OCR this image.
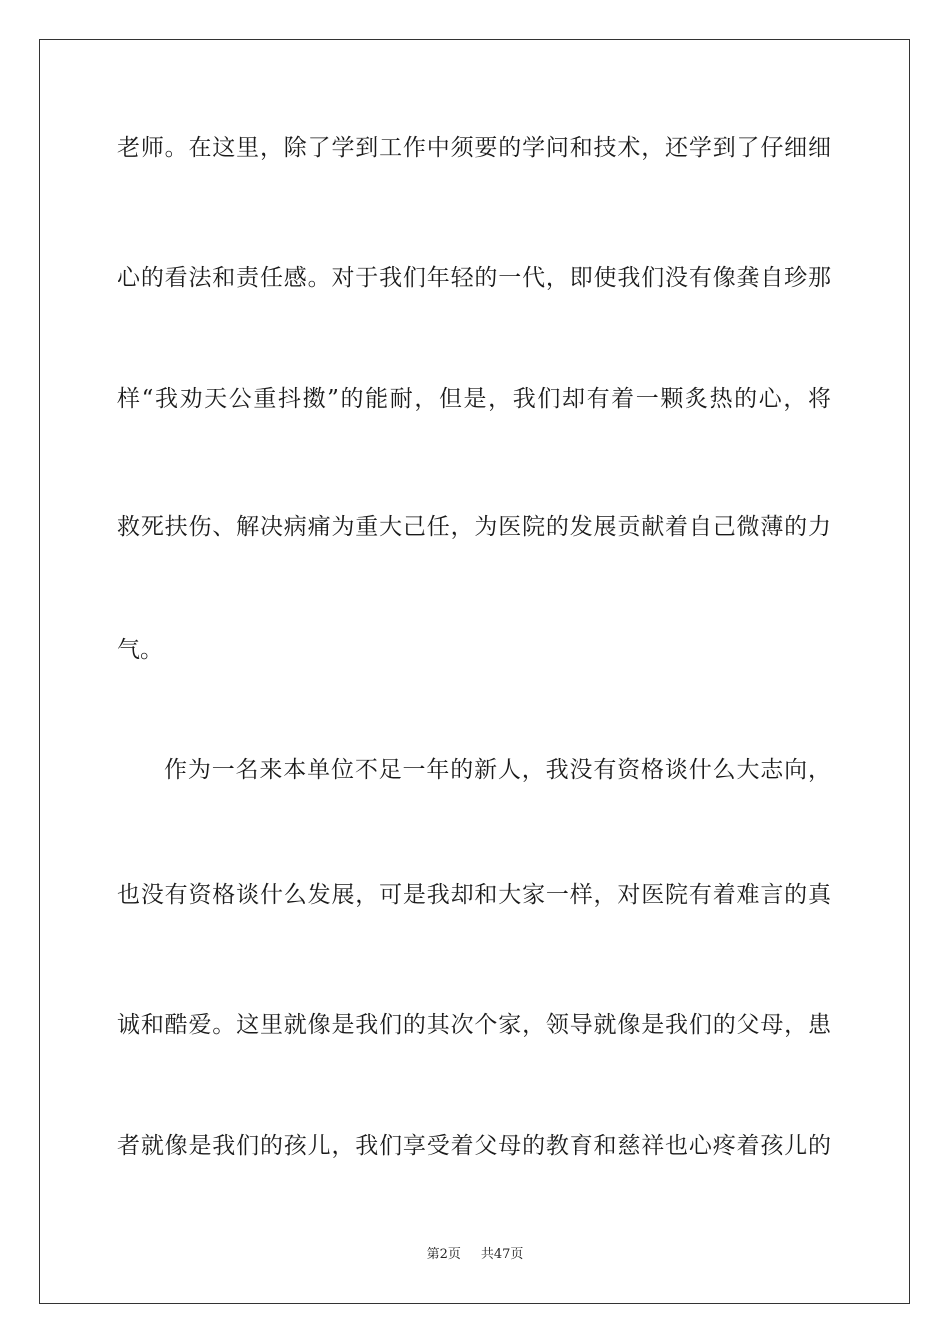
老师。在这里，除了学到工作中须要的学问和技术，还学到了仔细细
心的看法和责任感。对于我们年轻的一代，即使我们没有像龚自珍那
样“我劝天公重抖擞”的能耐，但是，我们却有着一颗炙热的心，将
救死扶伤、解决病痛为重大己任，为医院的发展贡献着自己微薄的力
气。
作为一名来本单位不足一年的新人，我没有资格谈什么大志向，
也没有资格谈什么发展，可是我却和大家一样，对医院有着难言的真
诚和酷爱。这里就像是我们的其次个家，领导就像是我们的父母，患
者就像是我们的孩儿，我们享受着父母的教育和慈祥也心疼着孩儿的
第2页 共47页
